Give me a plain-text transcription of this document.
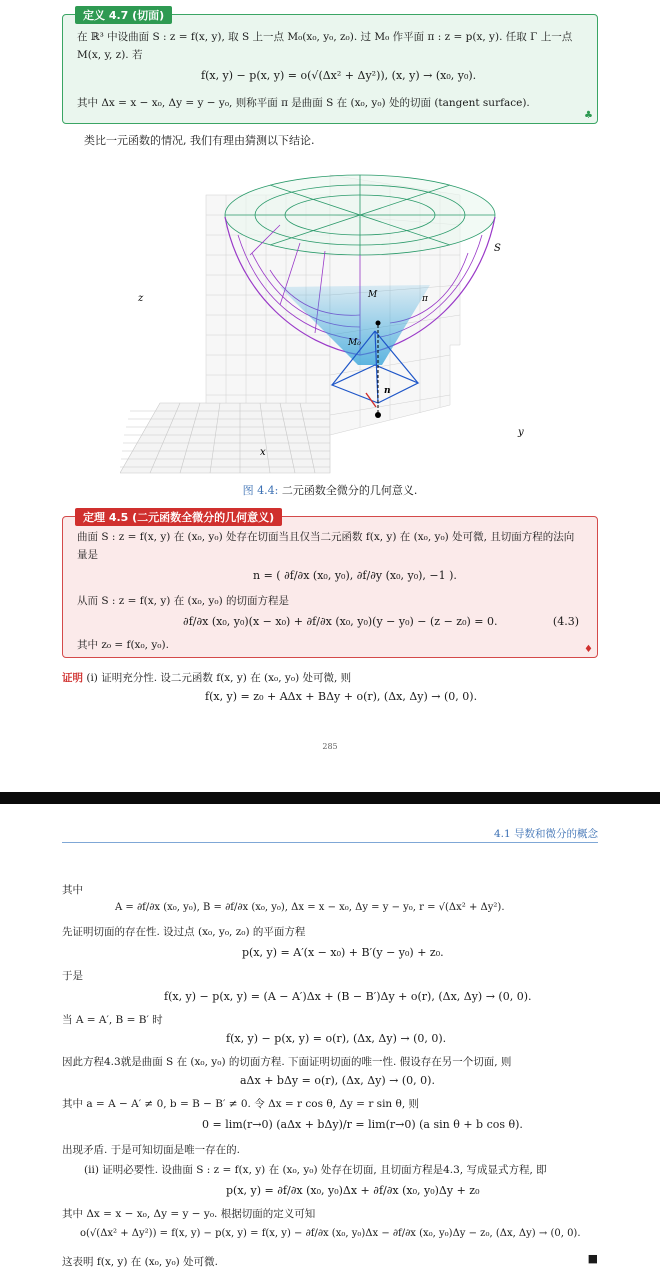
定义 4.7 (切面)
在 ℝ³ 中设曲面 S : z = f(x, y), 取 S 上一点 M₀(x₀, y₀, z₀). 过 M₀ 作平面 π : z = p(x, y). 任取 Γ 上一点
M(x, y, z). 若
f(x, y) − p(x, y) = o(√(Δx² + Δy²)), (x, y) → (x₀, y₀).
其中 Δx = x − x₀, Δy = y − y₀, 则称平面 π 是曲面 S 在 (x₀, y₀) 处的切面 (tangent surface).
♣
类比一元函数的情况, 我们有理由猜测以下结论.
z
x
y
S
M
M₀
π
n
图 4.4: 二元函数全微分的几何意义.
定理 4.5 (二元函数全微分的几何意义)
曲面 S : z = f(x, y) 在 (x₀, y₀) 处存在切面当且仅当二元函数 f(x, y) 在 (x₀, y₀) 处可微, 且切面方程的法向
量是
n = ( ∂f/∂x (x₀, y₀), ∂f/∂y (x₀, y₀), −1 ).
从而 S : z = f(x, y) 在 (x₀, y₀) 的切面方程是
∂f/∂x (x₀, y₀)(x − x₀) + ∂f/∂x (x₀, y₀)(y − y₀) − (z − z₀) = 0.	(4.3)
其中 z₀ = f(x₀, y₀).	♦
证明 (i) 证明充分性. 设二元函数 f(x, y) 在 (x₀, y₀) 处可微, 则
f(x, y) = z₀ + AΔx + BΔy + o(r), (Δx, Δy) → (0, 0).
285
4.1 导数和微分的概念
其中
A = ∂f/∂x (x₀, y₀), B = ∂f/∂x (x₀, y₀), Δx = x − x₀, Δy = y − y₀, r = √(Δx² + Δy²).
先证明切面的存在性. 设过点 (x₀, y₀, z₀) 的平面方程
p(x, y) = A′(x − x₀) + B′(y − y₀) + z₀.
于是
f(x, y) − p(x, y) = (A − A′)Δx + (B − B′)Δy + o(r), (Δx, Δy) → (0, 0).
当 A = A′, B = B′ 时
f(x, y) − p(x, y) = o(r), (Δx, Δy) → (0, 0).
因此方程4.3就是曲面 S 在 (x₀, y₀) 的切面方程. 下面证明切面的唯一性. 假设存在另一个切面, 则
aΔx + bΔy = o(r), (Δx, Δy) → (0, 0).
其中 a = A − A′ ≠ 0, b = B − B′ ≠ 0. 令 Δx = r cos θ, Δy = r sin θ, 则
0 = lim(r→0) (aΔx + bΔy)/r = lim(r→0) (a sin θ + b cos θ).
出现矛盾. 于是可知切面是唯一存在的.
(ii) 证明必要性. 设曲面 S : z = f(x, y) 在 (x₀, y₀) 处存在切面, 且切面方程是4.3, 写成显式方程, 即
p(x, y) = ∂f/∂x (x₀, y₀)Δx + ∂f/∂x (x₀, y₀)Δy + z₀
其中 Δx = x − x₀, Δy = y − y₀. 根据切面的定义可知
o(√(Δx² + Δy²)) = f(x, y) − p(x, y) = f(x, y) − ∂f/∂x (x₀, y₀)Δx − ∂f/∂x (x₀, y₀)Δy − z₀, (Δx, Δy) → (0, 0).
这表明 f(x, y) 在 (x₀, y₀) 处可微.	■
